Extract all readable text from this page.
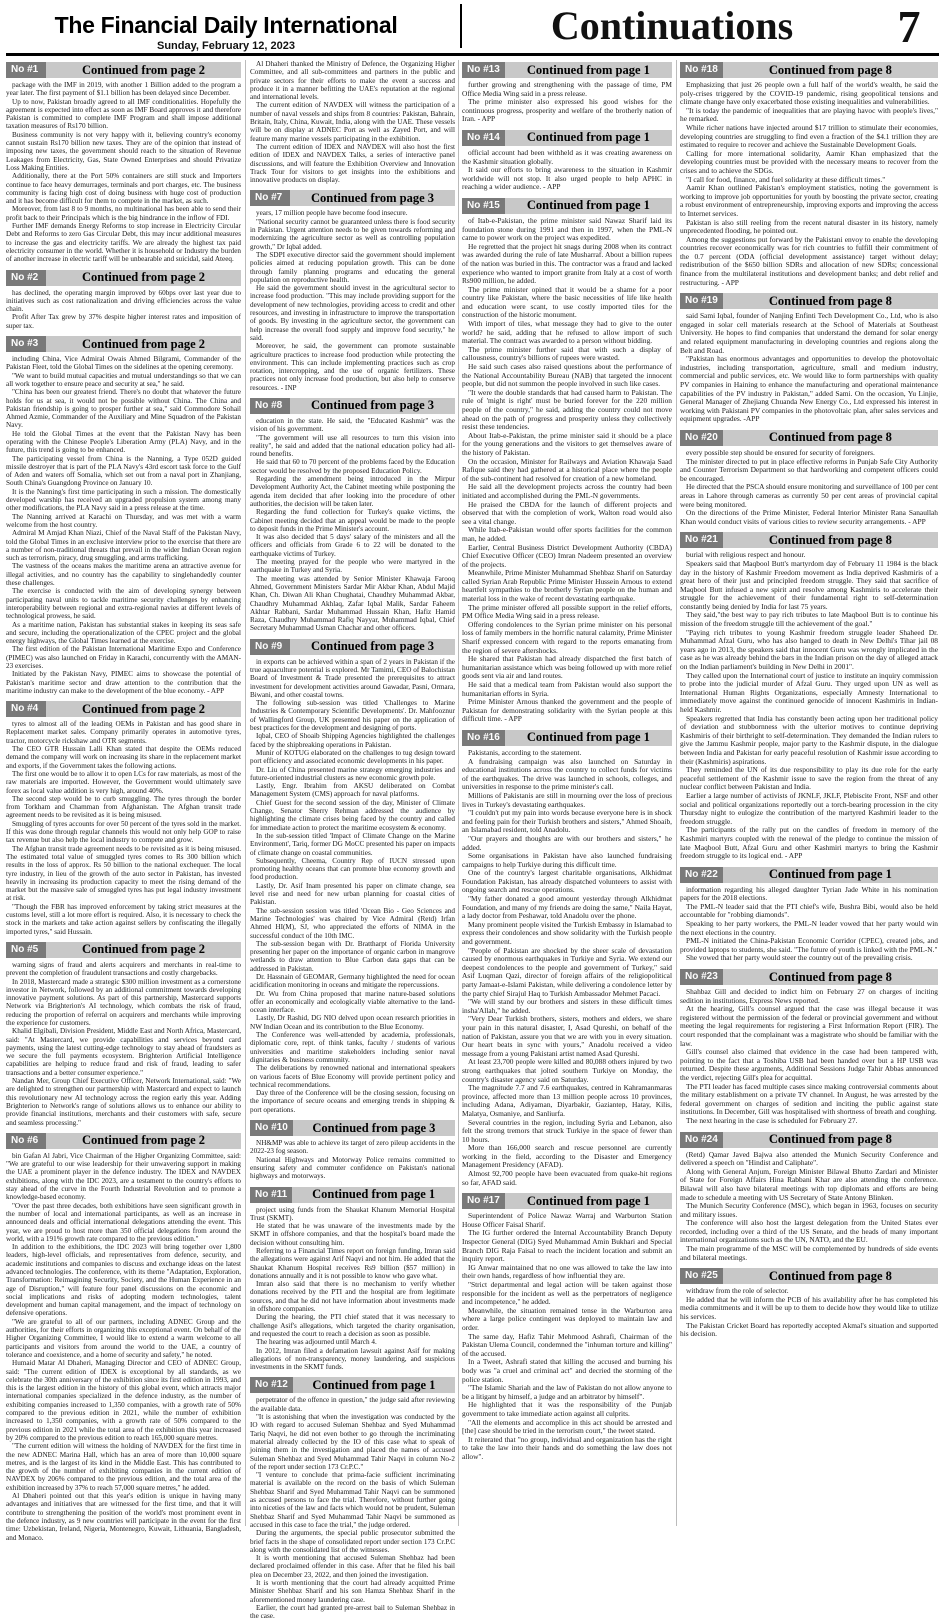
The Financial Daily International
Sunday, February 12, 2023	Continuations	7
No #1	Continued from page 2

package with the IMF in 2019, with another 1 Billion added to the program a year later. The first payment of $1.1 billion has been delayed since December.

Up to now, Pakistan broadly agreed to all IMF conditionalities. Hopefully the agreement is expected into effect as soon as IMF Board approves it and therefore Pakistan is committed to complete IMF Program and shall impose additional taxation measures of Rs170 billion.

Business community is not very happy with it, believing country's economy cannot sustain Rs170 billion new taxes. They are of the opinion that instead of imposing new taxes, the government should reach to the situation of Revenue Leakages from Electricity, Gas, State Owned Enterprises and should Privatize Loss Making Entities.

Additionally, there at the Port 50% containers are still stuck and Importers continue to face heavy demurrages, terminals and port charges, etc. The business community is facing high cost of doing business with huge cost of production and it has become difficult for them to compete in the market, as such.

Moreover, from last 8 to 9 months, no multinational has been able to send their profit back to their Principals which is the big hindrance in the inflow of FDI.

Further IMF demands Energy Reforms to stop increase in Electricity Circular Debt and Reforms to zero Gas Circular Debt, this may incur additional measures to increase the gas and electricity tariffs. We are already the highest tax paid electricity consumer in the world. Whether it is household or Industry the burden of another increase in electric tariff will be unbearable and suicidal, said Ateeq.

No #2	Continued from page 2

has declined, the operating margin improved by 60bps over last year due to initiatives such as cost rationalization and driving efficiencies across the value chain.

Profit After Tax grew by 37% despite higher interest rates and imposition of super tax.

No #3	Continued from page 2

including China, Vice Admiral Owais Ahmed Bilgrami, Commander of the Pakistan Fleet, told the Global Times on the sidelines at the opening ceremony.

"We want to build mutual capacities and mutual understandings so that we can all work together to ensure peace and security at sea," he said.

"China has been our greatest friend. There's no doubt that whatever the future holds for us at sea, it would not be possible without China. The China and Pakistan friendship is going to prosper further at sea," said Commodore Sohail Ahmed Azmie, Commander of the Auxiliary and Mine Squadron of the Pakistan Navy.

He told the Global Times at the event that the Pakistan Navy has been operating with the Chinese People's Liberation Army (PLA) Navy, and in the future, this trend is going to be enhanced.

The participating vessel from China is the Nanning, a Type 052D guided missile destroyer that is part of the PLA Navy's 43rd escort task force to the Gulf of Aden and waters off Somalia, which set out from a naval port in Zhanjiang, South China's Guangdong Province on January 10.

It is the Nanning's first time participating in such a mission. The domestically developed warship has received an upgraded propulsion system among many other modifications, the PLA Navy said in a press release at the time.

The Nanning arrived at Karachi on Thursday, and was met with a warm welcome from the host country.

Admiral M Amjad Khan Niazi, Chief of the Naval Staff of the Pakistan Navy, told the Global Times in an exclusive interview prior to the exercise that there are a number of non-traditional threats that prevail in the wider Indian Ocean region such as terrorism, piracy, drug smuggling, and arms trafficking.

The vastness of the oceans makes the maritime arena an attractive avenue for illegal activities, and no country has the capability to singlehandedly counter these challenges.

The exercise is conducted with the aim of developing synergy between participating naval units to tackle maritime security challenges by enhancing interoperability between regional and extra-regional navies at different levels of technological prowess, he said.

As a maritime nation, Pakistan has substantial stakes in keeping its seas safe and secure, including the operationalization of the CPEC project and the global energy highways, the Global Times learned at the exercise.

The first edition of the Pakistan International Maritime Expo and Conference (PIMEC) was also launched on Friday in Karachi, concurrently with the AMAN-23 exercises.

Initiated by the Pakistan Navy, PIMEC aims to showcase the potential of Pakistan's maritime sector and draw attention to the contribution that the maritime industry can make to the development of the blue economy. - APP

No #4	Continued from page 2

tyres to almost all of the leading OEMs in Pakistan and has good share in Replacement market sales. Company primarily operates in automotive tyres, tractor, motorcycle rickshaw and OTR segments.

The CEO GTR Hussain Lalli Khan stated that despite the OEMs reduced demand the company will work on increasing its share in the replacement market and exports, if the Government takes the following actions.

The first one would be to allow it to open LCs for raw materials, as most of the raw materials are imported. However, the Government would ultimately save forex as local value addition is very high, around 40%.

The second step would be to curb smuggling. The tyres through the border from Torkham and Chamman from Afghanistan. The Afghan transit trade agreement needs to be revisited as it is being misused.

Smuggling of tyres accounts for over 50 percent of the tyres sold in the market. If this was done through regular channels this would not only help GOP to raise tax revenue but also help the local industry to compete and grow.

The Afghan transit trade agreement needs to be revisited as it is being misused. The estimated total value of smuggled tyres comes to Rs 300 billion which results in the loss of approx. Rs 50 billion to the national exchequer. The local tyre industry, in lieu of the growth of the auto sector in Pakistan, has invested heavily in increasing its production capacity to meet the rising demand of the market but the massive sale of smuggled tyres has put legal industry investment at risk.

"Though the FBR has improved enforcement by taking strict measures at the customs level, still a lot more effort is required. Also, it is necessary to check the stock in the markets and take action against sellers by confiscating the illegally imported tyres," said Hussain.

No #5	Continued from page 2

warning signs of fraud and alerts acquirers and merchants in real-time to prevent the completion of fraudulent transactions and costly chargebacks.

In 2018, Mastercard made a strategic $300 million investment as a cornerstone investor in Network, followed by an additional commitment towards developing innovative payment solutions. As part of this partnership, Mastercard supports Network via Brighterion's AI technology, which combats the risk of fraud, reducing the proportion of referral on acquirers and merchants while improving the experience for customers.

Khalid Elgibali, Division President, Middle East and North Africa, Mastercard, said: "At Mastercard, we provide capabilities and services beyond card payments, using the latest cutting-edge technology to stay ahead of fraudsters as we secure the full payments ecosystem. Brighterion Artificial Intelligence capabilities are helping to reduce fraud and risk of fraud, leading to safer transactions and a better consumer experience."

Nandan Mer, Group Chief Executive Officer, Network International, said: "We are delighted to strengthen our partnership with Mastercard and expect to launch this revolutionary new AI technology across the region early this year. Adding Brighterion to Network's range of solutions allows us to enhance our ability to provide financial institutions, merchants and their customers with safe, secure and seamless processing."

No #6	Continued from page 2

bin Gafan Al Jabri, Vice Chairman of the Higher Organizing Committee, said: "We are grateful to our wise leadership for their unwavering support in making the UAE a prominent player in the defence industry. The IDEX and NAVDEX exhibitions, along with the IDC 2023, are a testament to the country's efforts to stay ahead of the curve in the Fourth Industrial Revolution and to promote a knowledge-based economy.

"Over the past three decades, both exhibitions have seen significant growth in the number of local and international participants, as well as an increase in announced deals and official international delegations attending the event. This year, we are proud to host more than 350 official delegations from around the world, with a 191% growth rate compared to the previous edition."

In addition to the exhibitions, the IDC 2023 will bring together over 1,800 leaders, high-level officials, and representatives from defence, security, and academic institutions and companies to discuss and exchange ideas on the latest advanced technologies. The conference, with its theme "Adaptation, Exploration, Transformation: Reimagining Security, Society, and the Human Experience in an age of Disruption," will feature four panel discussions on the economic and social implications and risks of adopting modern technologies, talent development and human capital management, and the impact of technology on defensive operations.

"We are grateful to all of our partners, including ADNEC Group and the authorities, for their efforts in organizing this exceptional event. On behalf of the Higher Organizing Committee, I would like to extend a warm welcome to all participants and visitors from around the world to the UAE, a country of tolerance and coexistence, and a home of security and safety," he noted.

Humaid Matar Al Dhaheri, Managing Director and CEO of ADNEC Group, said: "The current edition of IDEX is exceptional by all standards, as we celebrate the 30th anniversary of the exhibition since its first edition in 1993, and this is the largest edition in the history of this global event, which attracts major international companies specialized in the defence industry, as the number of exhibiting companies increased to 1,350 companies, with a growth rate of 50% compared to the previous edition in 2021, while the number of exhibition increased to 1,350 companies, with a growth rate of 50% compared to the previous edition in 2021 while the total area of the exhibition this year increased by 20% compared to the previous edition to reach 165,000 square metres.

"The current edition will witness the holding of NAVDEX for the first time in the new ADNEC Marina Hall, which has an area of more than 10,000 square metres, and is the largest of its kind in the Middle East. This has contributed to the growth of the number of exhibiting companies in the current edition of NAVDEX by 206% compared to the previous edition, and the total area of the exhibition increased by 37% to reach 57,000 square metres," he added.

Al Dhaheri pointed out that this year's edition is unique in having many advantages and initiatives that are witnessed for the first time, and that it will contribute to strengthening the position of the world's most prominent event in the defence industry, as 9 new countries will participate in the event for the first time: Uzbekistan, Ireland, Nigeria, Montenegro, Kuwait, Lithuania, Bangladesh, and Monaco.

Al Dhaheri thanked the Ministry of Defence, the Organizing Higher Committee, and all sub-committees and partners in the public and private sectors for their efforts to make the event a success and produce it in a manner befitting the UAE's reputation at the regional and international levels.

The current edition of NAVDEX will witness the participation of a number of naval vessels and ships from 8 countries: Pakistan, Bahrain, Britain, Italy, China, Kuwait, India, along with the UAE. These vessels will be on display at ADNEC Port as well as Zayed Port, and will feature many marine vessels participating in the exhibition.

The current edition of IDEX and NAVDEX will also host the first edition of IDEX and NAVDEX Talks, a series of interactive panel discussions, and will feature the Exhibition Overview and Innovation Track Tour for visitors to get insights into the exhibitions and innovative products on display.

No #7	Continued from page 3

years, 17 million people have become food insecure.

"National security cannot be guaranteed unless there is food security in Pakistan. Urgent attention needs to be given towards reforming and modernizing the agriculture sector as well as controlling population growth," Dr Iqbal added.

The SDPI executive director said the government should implement policies aimed at reducing population growth. This can be done through family planning programs and educating the general population on reproductive health.

He said the government should invest in the agricultural sector to increase food production. "This may include providing support for the development of new technologies, providing access to credit and other resources, and investing in infrastructure to improve the transportation of goods. By investing in the agriculture sector, the government can help increase the overall food supply and improve food security," he said.

Moreover, he said, the government can promote sustainable agriculture practices to increase food production while protecting the environment. This can include implementing practices such as crop rotation, intercropping, and the use of organic fertilizers. These practices not only increase food production, but also help to conserve resources. - INP

No #8	Continued from page 3

education in the state. He said, the "Educated Kashmir" was the vision of his government.

"The government will use all resources to turn this vision into reality", he said and added that the national education policy had all-round benefits.

He said that 60 to 70 percent of the problems faced by the Education sector would be resolved by the proposed Education Policy.

Regarding the amendment being introduced in the Mirpur Development Authority Act, the Cabinet meeting while postponing the agenda item decided that after looking into the procedure of other authorities, the decision will be taken later.

Regarding the fund collection for Turkey's quake victims, the Cabinet meeting decided that an appeal would be made to the people to deposit funds in the Prime Minister's account.

It was also decided that 5 days' salary of the ministers and all the officers and officials from Grade 6 to 22 will be donated to the earthquake victims of Turkey.

The meeting prayed for the people who were martyred in the earthquake in Turkey and Syria.

The meeting was attended by Senior Minister Khawaja Farooq Ahmed, Government Ministers Sardar Mir Akbar Khan, Abdul Majid Khan, Ch. Diwan Ali Khan Chughatai, Chaudhry Muhammad Akbar, Chaudhry Muhammad Akhlaq, Zafar Iqbal Malik, Sardar Faheem Akhtar Rabbani, Sardar Muhammad Hussain Khan, Hafiz Hamid Raza, Chaudhry Muhammad Rafiq Nayyar, Muhammad Iqbal, Chief Secretary Muhammad Usman Chachar and other officers.

No #9	Continued from page 3

in exports can be achieved within a span of 2 years in Pakistan if the true aquaculture potential is explored. Mr Tamimi, CEO of Balochistan Board of Investment & Trade presented the prerequisites to attract investment for development activities around Gawadar, Pasni, Ormara, Biwani, and other coastal towns.

The following sub-session was titled 'Challenges to Marine Industries & Contemporary Scientific Developments'. Dr. Mahfooznur of Wallingford Group, UK presented his paper on the application of best practices for the development and designing of ports.

Iqbal, CEO of Shoaib Shipping Agencies highlighted the challenges faced by the shipbreaking operations in Pakistan.

Munir of KOTUG elaborated on the challenges to tug design toward port efficiency and associated economic developments in his paper.

Dr. Liu of China presented marine strategy emerging industries and future-oriented industrial clusters as new economic growth pole.

Lastly, Engr. Ibrahim from AKSU deliberated on Combat Management System (CMS) approach for naval platforms.

Chief Guest for the second session of the day, Minister of Climate Change, Senator Sherry Rehman addressed the audience by highlighting the climate crises being faced by the country and called for immediate action to protect the maritime ecosystem & economy.

In the sub-session titled 'Impact of Climate Change on the Marine Environment', Tariq, former DG MoCC presented his paper on impacts of climate change on coastal communities.

Subsequently, Cheema, Country Rep of IUCN stressed upon promoting healthy oceans that can promote blue economy growth and food production.

Lastly, Dr. Asif Inam presented his paper on climate change, sea level rise and need for new urban planning for coastal cities of Pakistan.

The sub-session session was titled 'Ocean Bio - Geo Sciences and Marine Technologies' was chaired by Vice Admiral (Retd) Irfan Ahmed HI(M), SJ, who appreciated the efforts of NIMA in the successful conduct of the 10th IMC.

The sub-session began with Dr. Brattharpt of Florida University presenting her paper on the importance of organic carbon in mangrove wetlands to draw attention to Blue Carbon data gaps that can be addressed in Pakistan.

Dr. Hassnain of GEOMAR, Germany highlighted the need for ocean acidification monitoring in oceans and mitigate the repercussions.

Dr. Wu from China proposed that marine nature-based solutions offer an economically and ecologically viable alternative to the land-ocean interface.

Lastly, Dr Rashid, DG NIO delved upon ocean research priorities in NW Indian Ocean and its contribution to the Blue Economy.

The Conference was well-attended by academia, professionals, diplomatic core, rept. of think tanks, faculty / students of various universities and maritime stakeholders including senior naval dignitaries & business community.

The deliberations by renowned national and international speakers on various facets of Blue Economy will provide pertinent policy and technical recommendations.

Day three of the Conference will be the closing session, focusing on the importance of secure oceans and emerging trends in shipping & port operations.

No #10	Continued from page 3

NH&MP was able to achieve its target of zero pileup accidents in the 2022-23 fog season.

National Highways and Motorway Police remains committed to ensuring safety and commuter confidence on Pakistan's national highways and motorways.

No #11	Continued from page 1

project using funds from the Shaukat Khanum Memorial Hospital Trust (SKMT).

He stated that he was unaware of the investments made by the SKMT in offshore companies, and that the hospital's board made the decision without consulting him.

Referring to a Financial Times report on foreign funding, Imran said the allegations were against Arif Naqvi and not him. He added that the Shaukat Khanum Hospital receives Rs9 billion ($57 million) in donations annually and it is not possible to know who gave what.

Imran also said that there is no mechanism to verify whether donations received by the PTI and the hospital are from legitimate sources, and that he did not have information about investments made in offshore companies.

During the hearing, the PTI chief stated that it was necessary to challenge Asif's allegations, which targeted the charity organisation, and requested the court to reach a decision as soon as possible.

The hearing was adjourned until March 4.

In 2012, Imran filed a defamation lawsuit against Asif for making allegations of non-transparency, money laundering, and suspicious investments in the SKMT funds.

No #12	Continued from page 1

perpetrator of the offence in question," the judge said after reviewing the available data.

"It is astonishing that when the investigation was conducted by the IO with regard to accused Suleman Shehbaz and Syed Muhammad Tariq Naqvi, he did not even bother to go through the incriminating material already collected by the IO of this case what to speak of joining them in the investigation and placed the names of accused Suleman Shehbaz and Syed Muhammad Tahir Naqvi in column No-2 of the report under section 173 Cr.P.C."

"I venture to conclude that prima-facie sufficient incriminating material is available on the record on the basis of which Suleman Shehbaz Sharif and Syed Muhammad Tahir Naqvi can be summoned as accused persons to face the trial. Therefore, without further going into niceties of the law and facts which would not be prudent, Suleman Shehbaz Sharif and Syed Muhammad Tahir Naqvi be summoned as accused in this case to face the trial," the judge ordered.

During the arguments, the special public prosecutor submitted the brief facts in the shape of consolidated report under section 173 Cr.P.C along with the consolidated list of the witnesses.

It is worth mentioning that accused Suleman Shehbaz had been declared proclaimed offender in this case. After that he filed his bail plea on December 23, 2022, and then joined the investigation.

It is worth mentioning that the court had already acquitted Prime Minister Shehbaz Sharif and his son Hamza Shehbaz Sharif in the aforementioned money laundering case.

Earlier, the court had granted pre-arrest bail to Suleman Shehbaz in the case.

No #13	Continued from page 1

further growing and strengthening with the passage of time, PM Office Media Wing said in a press release.

The prime minister also expressed his good wishes for the continuous progress, prosperity and welfare of the brotherly nation of Iran. - APP

No #14	Continued from page 1

official account had been withheld as it was creating awareness on the Kashmir situation globally.

It said our efforts to bring awareness to the situation in Kashmir worldwide will not stop. It also urged people to help APHC in reaching a wider audience. - APP

No #15	Continued from page 1

of Itab-e-Pakistan, the prime minister said Nawaz Sharif laid its foundation stone during 1991 and then in 1997, when the PML-N came to power work on the project was expedited.

He regretted that the project hit snags during 2008 when its contract was awarded during the rule of late Musharraf. About a billion rupees of the nation was buried in this. The contractor was a fraud and lacked experience who wanted to import granite from Italy at a cost of worth Rs900 million, he added.

The prime minister opined that it would be a shame for a poor country like Pakistan, where the basic necessities of life like health and education were scant, to use costly imported tiles for the construction of the historic monument.

With import of tiles, what message they had to give to the outer world? he said, adding that he refused to allow import of such material. The contract was awarded to a person without bidding.

The prime minister further said that with such a display of callousness, country's billions of rupees were wasted.

He said such cases also raised questions about the performance of the National Accountability Bureau (NAB) that targeted the innocent people, but did not summon the people involved in such like cases.

"It were the double standards that had caused harm to Pakistan. The rule of 'might is right' must be buried forever for the 220 million people of the country," he said, adding the country could not move ahead on the path of progress and prosperity unless they collectively resist these tendencies.

About Itab-e-Pakistan, the prime minister said it should be a place for the young generations and the visitors to get themselves aware of the history of Pakistan.

On the occasion, Minister for Railways and Aviation Khawaja Saad Rafique said they had gathered at a historical place where the people of the sub-continent had resolved for creation of a new homeland.

He said all the development projects across the country had been initiated and accomplished during the PML-N governments.

He praised the CBDA for the launch of different projects and observed that with the completion of work, Walton road would also see a vital change.

While Itab-e-Pakistan would offer sports facilities for the common man, he added.

Earlier, Central Business District Development Authority (CBDA) Chief Executive Officer (CEO) Imran Nadeem presented an overview of the projects.

Meanwhile, Prime Minister Muhammad Shehbaz Sharif on Saturday called Syrian Arab Republic Prime Minister Hussein Arnous to extend heartfelt sympathies to the brotherly Syrian people on the human and material loss in the wake of recent devastating earthquake.

The prime minister offered all possible support in the relief efforts, PM Office Media Wing said in a press release.

Offering condolences to the Syrian prime minister on his personal loss of family members in the horrific natural calamity, Prime Minister Sharif expressed concern with regard to the reports emanating from the region of severe aftershocks.

He shared that Pakistan had already dispatched the first batch of humanitarian assistance which was being followed up with more relief goods sent via air and land routes.

He said that a medical team from Pakistan would also support the humanitarian efforts in Syria.

Prime Minister Arnous thanked the government and the people of Pakistan for demonstrating solidarity with the Syrian people at this difficult time. - APP

No #16	Continued from page 1

Pakistanis, according to the statement.

A fundraising campaign was also launched on Saturday in educational institutions across the country to collect funds for victims of the earthquakes. The drive was launched in schools, colleges, and universities in response to the prime minister's call.

Millions of Pakistanis are still in mourning over the loss of precious lives in Turkey's devastating earthquakes.

"I couldn't put my pain into words because everyone here is in shock and feeling pain for their Turkish brothers and sisters," Ahmed Shoaib, an Islamabad resident, told Anadolu.

"Our prayers and thoughts are with our brothers and sisters," he added.

Some organisations in Pakistan have also launched fundraising campaigns to help Turkiye during this difficult time.

One of the country's largest charitable organisations, Alkhidmat Foundation Pakistan, has already dispatched volunteers to assist with ongoing search and rescue operations.

"My father donated a good amount yesterday through Alkhidmat Foundation, and many of my friends are doing the same," Naila Hayat, a lady doctor from Peshawar, told Anadolu over the phone.

Many prominent people visited the Turkish Embassy in Islamabad to express their condolences and show solidarity with the Turkish people and government.

"People of Pakistan are shocked by the sheer scale of devastation caused by enormous earthquakes in Turkiye and Syria. We extend our deepest condolences to the people and government of Turkey," said Asif Luqman Qazi, director of foreign affairs of the religiopolitical party Jamaat-e-Islami Pakistan, while delivering a condolence letter by the party chief Sirajul Haq to Turkish Ambassador Mehmet Pacaci.

"We will stand by our brothers and sisters in these difficult times insha'Allah," he added.

"Very Dear Turkish brothers, sisters, mothers and elders, we share your pain in this natural disaster, I, Asad Qureshi, on behalf of the nation of Pakistan, assure you that we are with you in every situation. Our heart beats in sync with yours," Anadolu received a video message from a young Pakistani artist named Asad Qureshi.

At least 23,700 people were killed and 80,088 others injured by two strong earthquakes that jolted southern Turkiye on Monday, the country's disaster agency said on Saturday.

The magnitude 7.7 and 7.6 earthquakes, centred in Kahramanmaras province, affected more than 13 million people across 10 provinces, including Adana, Adiyaman, Diyarbakir, Gaziantep, Hatay, Kilis, Malatya, Osmaniye, and Sanliurfa.

Several countries in the region, including Syria and Lebanon, also felt the strong tremors that struck Turkiye in the space of fewer than 10 hours.

More than 166,000 search and rescue personnel are currently working in the field, according to the Disaster and Emergency Management Presidency (AFAD).

Almost 92,700 people have been evacuated from quake-hit regions so far, AFAD said.

No #17	Continued from page 1

Superintendent of Police Nawaz Warraj and Warburton Station House Officer Faisal Sharif.

The IG further ordered the Internal Accountability Branch Deputy Inspector General (DIG) Syed Muhammad Amin Bukhari and Special Branch DIG Raja Faisal to reach the incident location and submit an inquiry report.

IG Anwar maintained that no one was allowed to take the law into their own hands, regardless of how influential they are.

"Strict departmental and legal action will be taken against those responsible for the incident as well as the perpetrators of negligence and incompetence," he added.

Meanwhile, the situation remained tense in the Warburton area where a large police contingent was deployed to maintain law and order.

The same day, Hafiz Tahir Mehmood Ashrafi, Chairman of the Pakistan Ulema Council, condemned the "inhuman torture and killing" of the accused.

In a Tweet, Ashrafi stated that killing the accused and burning his body was "a cruel and criminal act" and decried the storming of the police station.

"The Islamic Shariah and the law of Pakistan do not allow anyone to be a litigant by himself, a judge and an arbitrator by himself".

He highlighted that it was the responsibility of the Punjab government to take immediate action against all culprits.

"All the elements and accomplice in this act should be arrested and [the] case should be tried in the terrorism court," the tweet stated.

It reiterated that "no group, individual and organization has the right to take the law into their hands and do something the law does not allow".

No #18	Continued from page 8

Emphasizing that just 26 people own a full half of the world's wealth, he said the poly-crises triggered by the COVID-19 pandemic, rising geopolitical tensions and climate change have only exacerbated those existing inequalities and vulnerabilities.

"It is today the pandemic of inequalities that are playing havoc with people's lives," he remarked.

While richer nations have injected around $17 trillion to stimulate their economies, developing countries are struggling to find even a fraction of the $4.1 trillion they are estimated to require to recover and achieve the Sustainable Development Goals.

Calling for more international solidarity, Aamir Khan emphasized that the developing countries must be provided with the necessary means to recover from the crises and to achieve the SDGs.

"I call for food, finance, and fuel solidarity at these difficult times."

Aamir Khan outlined Pakistan's employment statistics, noting the government is working to improve job opportunities for youth by boosting the private sector, creating a robust environment of entrepreneurship, improving exports and improving the access to Internet services.

Pakistan is also still reeling from the recent natural disaster in its history, namely unprecedented flooding, he pointed out.

Among the suggestions put forward by the Pakistani envoy to enable the developing countries recover economically was for rich countries to fulfill their commitment of the 0.7 percent (ODA (official development assistance) target without delay; redistribution of the $650 billion SDRs and allocation of new SDRs; concessional finance from the multilateral institutions and development banks; and debt relief and restructuring. - APP

No #19	Continued from page 8

said Sami Iqbal, founder of Nanjing Enfinti Tech Development Co., Ltd, who is also engaged in solar cell materials research at the School of Materials at Southeast University. He hopes to find companies that understand the demand for solar energy and related equipment manufacturing in developing countries and regions along the Belt and Road.

"Pakistan has enormous advantages and opportunities to develop the photovoltaic industries, including transportation, agriculture, small and medium industry, commercial and public services, etc. We would like to form partnerships with quality PV companies in Haining to enhance the manufacturing and operational maintenance capabilities of the PV industry in Pakistan," added Sami. On the occasion, Yu Linjie, General Manager of Zhejiang Chuanda New Energy Co., Ltd expressed his interest in working with Pakistani PV companies in the photovoltaic plan, after sales services and equipment upgrades. -APP

No #20	Continued from page 8

every possible step should be ensured for security of foreigners.

The minister directed to put in place effective reforms in Punjab Safe City Authority and Counter Terrorism Department so that hardworking and competent officers could be encouraged.

He directed that the PSCA should ensure monitoring and surveillance of 100 per cent areas in Lahore through cameras as currently 50 per cent areas of provincial capital were being monitored.

On the directions of the Prime Minister, Federal Interior Minister Rana Sanaullah Khan would conduct visits of various cities to review security arrangements. - APP

No #21	Continued from page 8

burial with religious respect and honour.

Speakers said that Maqbool Butt's martyrdom day of February 11 1984 is the black day in the history of Kashmir Freedom movement as India deprived Kashmiris of a great hero of their just and principled freedom struggle. They said that sacrifice of Maqbool Butt infused a new spirit and resolve among Kashmiris to accelerate their struggle for the achievement of their fundamental right to self-determination constantly being denied by India for last 75 years.

They said,"the best way to pay rich tributes to late Maqbool Butt is to continue his mission of the freedom struggle till the achievement of the goal."

"Paying rich tributes to young Kashmir freedom struggle leader Shaheed Dr. Muhammad Afzal Guru, who has also hanged to death in New Delhi's Tihar jail 08 years ago in 2013, the speakers said that innocent Guru was wrongly implicated in the case as he was already behind the bars in the Indian prison on the day of alleged attack on the Indian parliament's building in New Delhi in 2001".

They called upon the International court of justice to institute an inquiry commission to probe into the judicial murder of Afzal Guru. They urged upon UN as well as International Human Rights Organizations, especially Amnesty International to immediately move against the continued genocide of innocent Kashmiris in Indian-held Kashmir.

Speakers regretted that India has constantly been acting upon her traditional policy of deviation and stubbornness with the ulterior motives to continue depriving Kashmiris of their birthright to self-determination. They demanded the Indian rulers to give the Jammu Kashmir people, major party to the Kashmir dispute, in the dialogue between India and Pakistan for early peaceful resolution of Kashmir issue according to their (Kashmiris) aspirations.

They reminded the UN of its due responsibility to play its due role for the early peaceful settlement of the Kashmir issue to save the region from the threat of any nuclear conflict between Pakistan and India.

Earlier a large number of activists of JKNLF, JKLF, Plebiscite Front, NSF and other social and political organizations reportedly out a torch-bearing procession in the city Thursday night to eulogize the contribution of the martyred Kashmiri leader to the freedom struggle.

The participants of the rally put on the candles of freedom in memory of the Kashmiri martyrs coupled with the renewal of the pledge to continue the mission of late Maqbool Butt, Afzal Guru and other Kashmiri martyrs to bring the Kashmir freedom struggle to its logical end. - APP

No #22	Continued from page 1

information regarding his alleged daughter Tyrian Jade White in his nomination papers for the 2018 elections.

The PML-N leader said that the PTI chief's wife, Bushra Bibi, would also be held accountable for "robbing diamonds".

Speaking to her party workers, the PML-N leader vowed that her party would win the next elections in the country.

PML-N initiated the China-Pakistan Economic Corridor (CPEC), created jobs, and provided laptops to students, she said. "The future of youth is linked with the PML-N."

She vowed that her party would steer the country out of the prevailing crisis.

No #23	Continued from page 8

Shahbaz Gill and decided to indict him on February 27 on charges of inciting sedition in institutions, Express News reported.

At the hearing, Gill's counsel argued that the case was illegal because it was registered without the permission of the federal or provincial government and without meeting the legal requirements for registering a First Information Report (FIR). The court responded that the complainant was a magistrate who should be familiar with the law.

Gill's counsel also claimed that evidence in the case had been tampered with, pointing to the fact that a Toshiba USB had been handed over but a HP USB was returned. Despite these arguments, Additional Sessions Judge Tahir Abbas announced the verdict, rejecting Gill's plea for acquittal.

The PTI leader has faced multiple cases since making controversial comments about the military establishment on a private TV channel. In August, he was arrested by the federal government on charges of sedition and inciting the public against state institutions. In December, Gill was hospitalised with shortness of breath and coughing.

The next hearing in the case is scheduled for February 27.

No #24	Continued from page 8

(Retd) Qamar Javed Bajwa also attended the Munich Security Conference and delivered a speech on "Hindist and Caliphate".

Along with General Anjum, Foreign Minister Bilawal Bhutto Zardari and Minister of State for Foreign Affairs Hina Rabbani Khar are also attending the conference. Bilawal will also have bilateral meetings with top diplomats and efforts are being made to schedule a meeting with US Secretary of State Antony Blinken.

The Munich Security Conference (MSC), which began in 1963, focuses on security and military issues.

The conference will also host the largest delegation from the United States ever recorded, including over a third of the US Senate, and the heads of many important international organizations such as the UN, NATO, and the EU.

The main programme of the MSC will be complemented by hundreds of side events and bilateral meetings.

No #25	Continued from page 8

withdraw from the role of selector.

He added that he will inform the PCB of his availability after he has completed his media commitments and it will be up to them to decide how they would like to utilize his services.

The Pakistan Cricket Board has reportedly accepted Akmal's situation and supported his decision.
